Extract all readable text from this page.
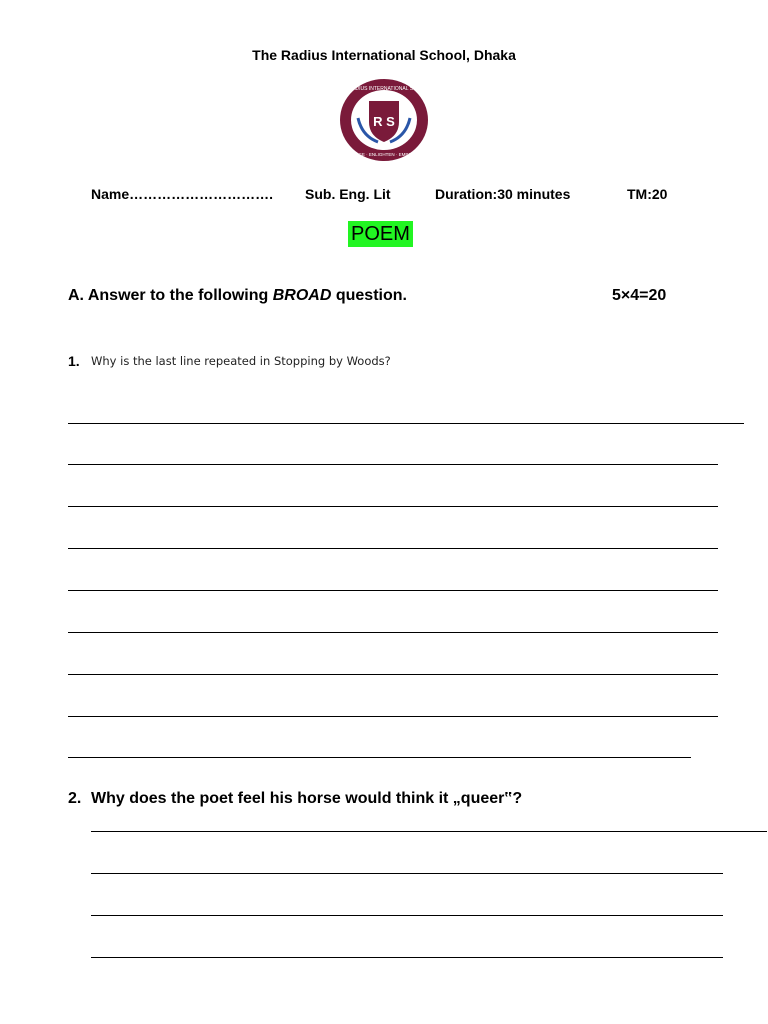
The Radius International School, Dhaka
R S
THE RADIUS INTERNATIONAL SCHOOL
ENGAGE · ENLIGHTEN · EMPOWER
Name…………………………. Sub. Eng. Lit	Duration:30 minutes	TM:20
POEM
A. Answer to the following BROAD question.	5×4=20
1. Why is the last line repeated in Stopping by Woods?
2. Why does the poet feel his horse would think it „queer‟?
